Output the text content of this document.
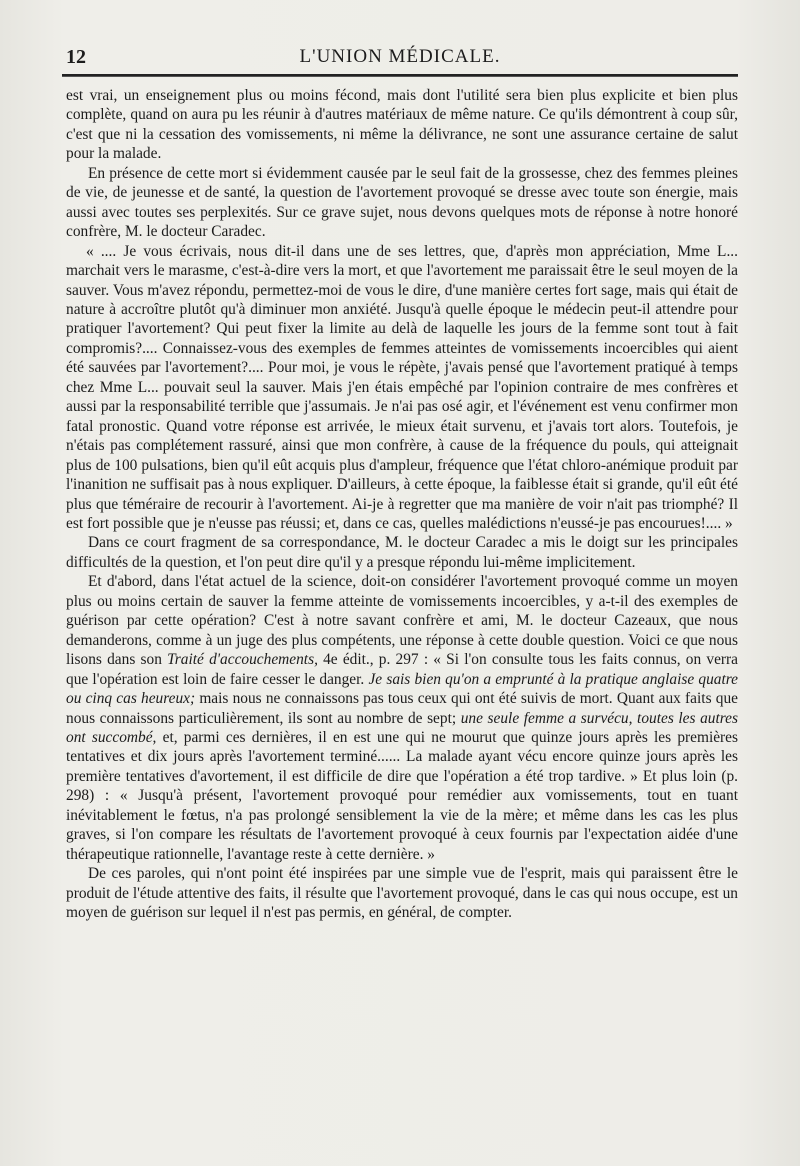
12	L'UNION MÉDICALE.

est vrai, un enseignement plus ou moins fécond, mais dont l'utilité sera bien plus explicite et bien plus complète, quand on aura pu les réunir à d'autres matériaux de même nature. Ce qu'ils démontrent à coup sûr, c'est que ni la cessation des vomissements, ni même la délivrance, ne sont une assurance certaine de salut pour la malade.

En présence de cette mort si évidemment causée par le seul fait de la grossesse, chez des femmes pleines de vie, de jeunesse et de santé, la question de l'avortement provoqué se dresse avec toute son énergie, mais aussi avec toutes ses perplexités. Sur ce grave sujet, nous devons quelques mots de réponse à notre honoré confrère, M. le docteur Caradec.

« .... Je vous écrivais, nous dit-il dans une de ses lettres, que, d'après mon appréciation, Mme L... marchait vers le marasme, c'est-à-dire vers la mort, et que l'avortement me paraissait être le seul moyen de la sauver. Vous m'avez répondu, permettez-moi de vous le dire, d'une manière certes fort sage, mais qui était de nature à accroître plutôt qu'à diminuer mon anxiété. Jusqu'à quelle époque le médecin peut-il attendre pour pratiquer l'avortement? Qui peut fixer la limite au delà de laquelle les jours de la femme sont tout à fait compromis?.... Connaissez-vous des exemples de femmes atteintes de vomissements incoercibles qui aient été sauvées par l'avortement?.... Pour moi, je vous le répète, j'avais pensé que l'avortement pratiqué à temps chez Mme L... pouvait seul la sauver. Mais j'en étais empêché par l'opinion contraire de mes confrères et aussi par la responsabilité terrible que j'assumais. Je n'ai pas osé agir, et l'événement est venu confirmer mon fatal pronostic. Quand votre réponse est arrivée, le mieux était survenu, et j'avais tort alors. Toutefois, je n'étais pas complétement rassuré, ainsi que mon confrère, à cause de la fréquence du pouls, qui atteignait plus de 100 pulsations, bien qu'il eût acquis plus d'ampleur, fréquence que l'état chloro-anémique produit par l'inanition ne suffisait pas à nous expliquer. D'ailleurs, à cette époque, la faiblesse était si grande, qu'il eût été plus que téméraire de recourir à l'avortement. Ai-je à regretter que ma manière de voir n'ait pas triomphé? Il est fort possible que je n'eusse pas réussi; et, dans ce cas, quelles malédictions n'eussé-je pas encourues!.... »

Dans ce court fragment de sa correspondance, M. le docteur Caradec a mis le doigt sur les principales difficultés de la question, et l'on peut dire qu'il y a presque répondu lui-même implicitement.

Et d'abord, dans l'état actuel de la science, doit-on considérer l'avortement provoqué comme un moyen plus ou moins certain de sauver la femme atteinte de vomissements incoercibles, y a-t-il des exemples de guérison par cette opération? C'est à notre savant confrère et ami, M. le docteur Cazeaux, que nous demanderons, comme à un juge des plus compétents, une réponse à cette double question. Voici ce que nous lisons dans son Traité d'accouchements, 4e édit., p. 297 : « Si l'on consulte tous les faits connus, on verra que l'opération est loin de faire cesser le danger. Je sais bien qu'on a emprunté à la pratique anglaise quatre ou cinq cas heureux; mais nous ne connaissons pas tous ceux qui ont été suivis de mort. Quant aux faits que nous connaissons particulièrement, ils sont au nombre de sept; une seule femme a survécu, toutes les autres ont succombé, et, parmi ces dernières, il en est une qui ne mourut que quinze jours après les premières tentatives et dix jours après l'avortement terminé...... La malade ayant vécu encore quinze jours après les première tentatives d'avortement, il est difficile de dire que l'opération a été trop tardive. » Et plus loin (p. 298) : « Jusqu'à présent, l'avortement provoqué pour remédier aux vomissements, tout en tuant inévitablement le fœtus, n'a pas prolongé sensiblement la vie de la mère; et même dans les cas les plus graves, si l'on compare les résultats de l'avortement provoqué à ceux fournis par l'expectation aidée d'une thérapeutique rationnelle, l'avantage reste à cette dernière. »

De ces paroles, qui n'ont point été inspirées par une simple vue de l'esprit, mais qui paraissent être le produit de l'étude attentive des faits, il résulte que l'avortement provoqué, dans le cas qui nous occupe, est un moyen de guérison sur lequel il n'est pas permis, en général, de compter.
